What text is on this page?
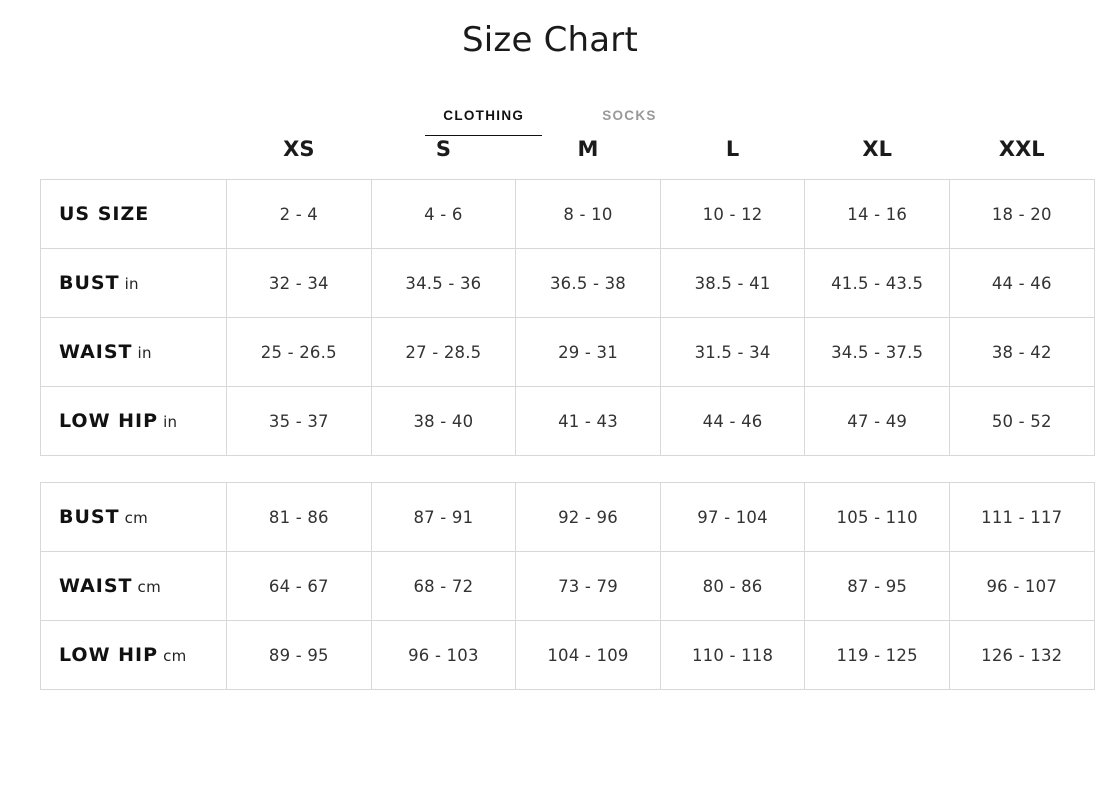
Size Chart
CLOTHING	SOCKS
	XS	S	M	L	XL	XXL
US SIZE	2 - 4	4 - 6	8 - 10	10 - 12	14 - 16	18 - 20
BUST in	32 - 34	34.5 - 36	36.5 - 38	38.5 - 41	41.5 - 43.5	44 - 46
WAIST in	25 - 26.5	27 - 28.5	29 - 31	31.5 - 34	34.5 - 37.5	38 - 42
LOW HIP in	35 - 37	38 - 40	41 - 43	44 - 46	47 - 49	50 - 52

BUST cm	81 - 86	87 - 91	92 - 96	97 - 104	105 - 110	111 - 117
WAIST cm	64 - 67	68 - 72	73 - 79	80 - 86	87 - 95	96 - 107
LOW HIP cm	89 - 95	96 - 103	104 - 109	110 - 118	119 - 125	126 - 132
